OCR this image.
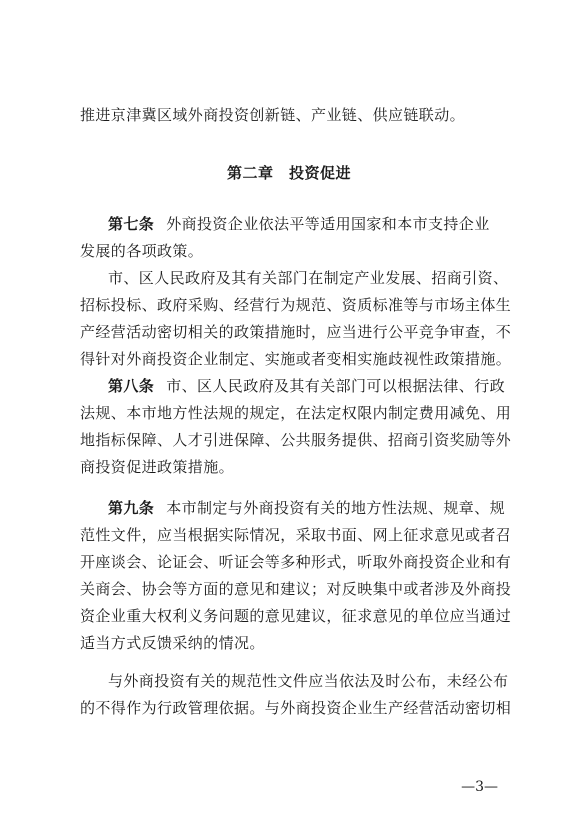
推进京津冀区域外商投资创新链、产业链、供应链联动。
第二章　投资促进
第七条 外商投资企业依法平等适用国家和本市支持企业
发展的各项政策。
市、区人民政府及其有关部门在制定产业发展、招商引资、
招标投标、政府采购、经营行为规范、资质标准等与市场主体生
产经营活动密切相关的政策措施时，应当进行公平竞争审查，不
得针对外商投资企业制定、实施或者变相实施歧视性政策措施。
第八条 市、区人民政府及其有关部门可以根据法律、行政
法规、本市地方性法规的规定，在法定权限内制定费用减免、用
地指标保障、人才引进保障、公共服务提供、招商引资奖励等外
商投资促进政策措施。
第九条 本市制定与外商投资有关的地方性法规、规章、规
范性文件，应当根据实际情况，采取书面、网上征求意见或者召
开座谈会、论证会、听证会等多种形式，听取外商投资企业和有
关商会、协会等方面的意见和建议；对反映集中或者涉及外商投
资企业重大权利义务问题的意见建议，征求意见的单位应当通过
适当方式反馈采纳的情况。
与外商投资有关的规范性文件应当依法及时公布，未经公布
的不得作为行政管理依据。与外商投资企业生产经营活动密切相
—3—
